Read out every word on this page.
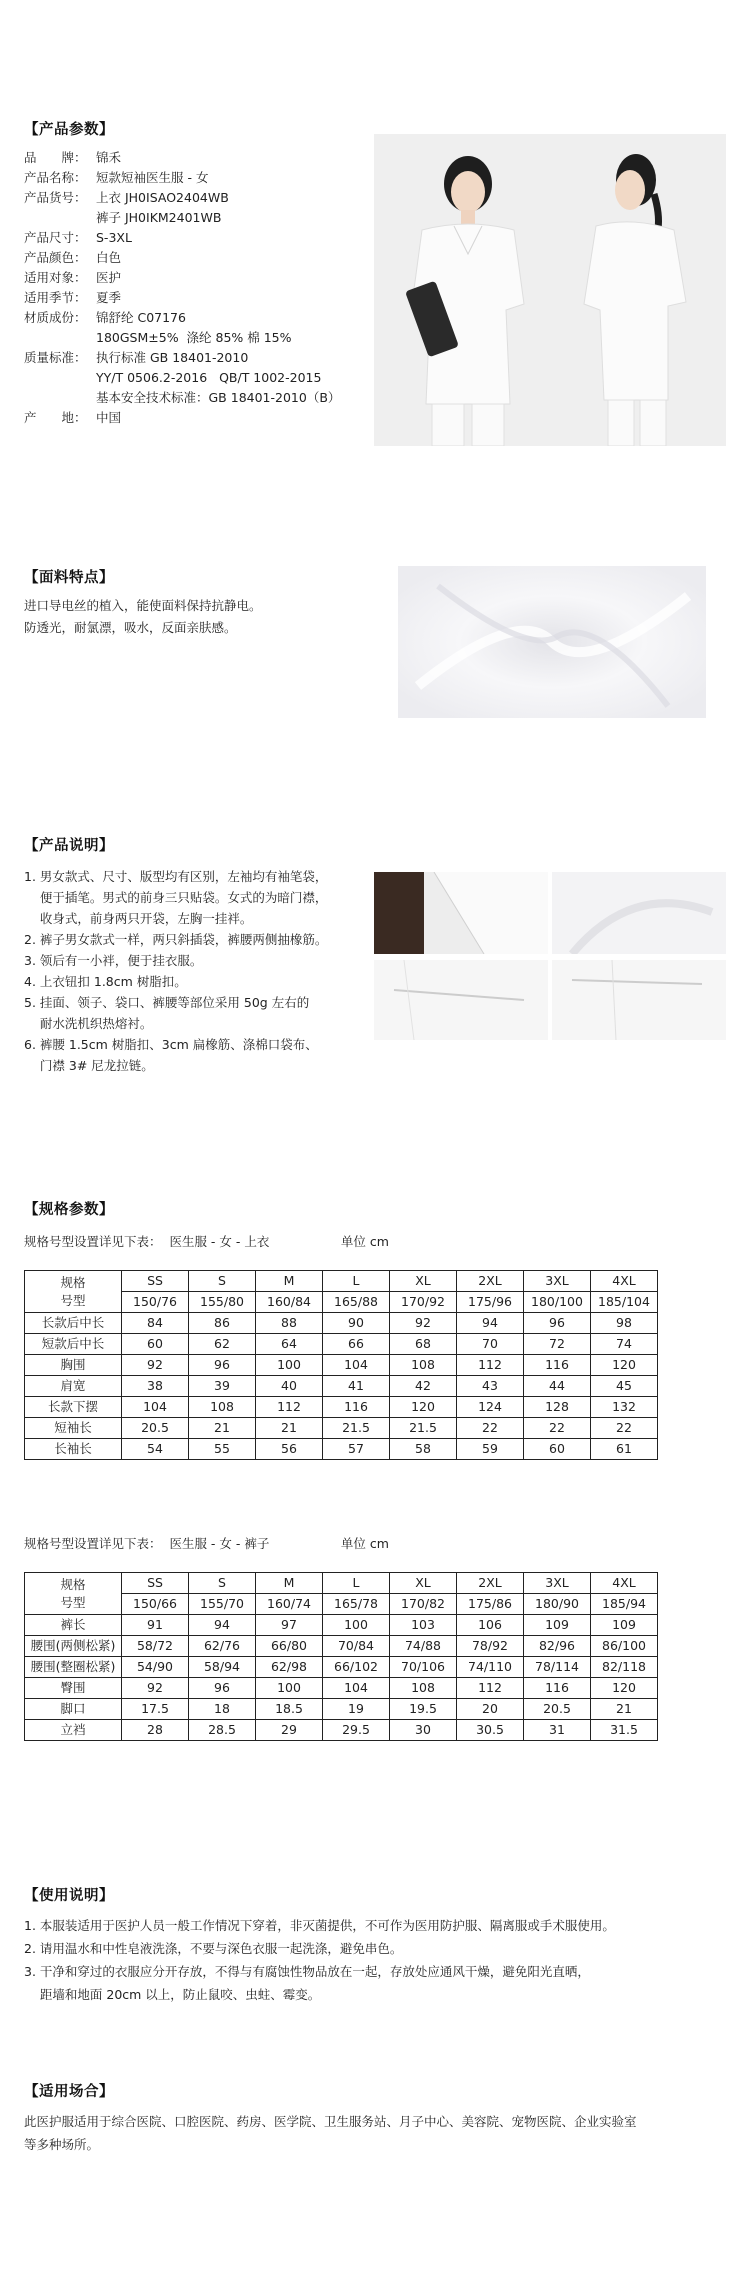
【产品参数】
品　　牌： 锦禾
产品名称： 短款短袖医生服 - 女
产品货号： 上衣 JH0ISAO2404WB
裤子 JH0IKM2401WB
产品尺寸： S-3XL
产品颜色： 白色
适用对象： 医护
适用季节： 夏季
材质成份： 锦舒纶 C07176
180GSM±5%  涤纶 85% 棉 15%
质量标准： 执行标准 GB 18401-2010
YY/T 0506.2-2016   QB/T 1002-2015
基本安全技术标准：GB 18401-2010（B）
产　　地： 中国
【面料特点】
进口导电丝的植入，能使面料保持抗静电。
防透光，耐氯漂，吸水，反面亲肤感。
【产品说明】
1. 男女款式、尺寸、版型均有区别，左袖均有袖笔袋，
便于插笔。男式的前身三只贴袋。女式的为暗门襟，
收身式，前身两只开袋，左胸一挂袢。
2. 裤子男女款式一样，两只斜插袋，裤腰两侧抽橡筋。
3. 领后有一小袢，便于挂衣服。
4. 上衣钮扣 1.8cm 树脂扣。
5. 挂面、领子、袋口、裤腰等部位采用 50g 左右的
耐水洗机织热熔衬。
6. 裤腰 1.5cm 树脂扣、3cm 扁橡筋、涤棉口袋布、
门襟 3# 尼龙拉链。
【规格参数】
规格号型设置详见下表：  医生服 - 女 - 上衣                  单位 cm
规格
号型	SS	S	M	L	XL	2XL	3XL	4XL
	150/76	155/80	160/84	165/88	170/92	175/96	180/100	185/104
长款后中长	84	86	88	90	92	94	96	98
短款后中长	60	62	64	66	68	70	72	74
胸围	92	96	100	104	108	112	116	120
肩宽	38	39	40	41	42	43	44	45
长款下摆	104	108	112	116	120	124	128	132
短袖长	20.5	21	21	21.5	21.5	22	22	22
长袖长	54	55	56	57	58	59	60	61
规格号型设置详见下表：  医生服 - 女 - 裤子                  单位 cm
规格
号型	SS	S	M	L	XL	2XL	3XL	4XL
	150/66	155/70	160/74	165/78	170/82	175/86	180/90	185/94
裤长	91	94	97	100	103	106	109	109
腰围(两侧松紧)	58/72	62/76	66/80	70/84	74/88	78/92	82/96	86/100
腰围(整圈松紧)	54/90	58/94	62/98	66/102	70/106	74/110	78/114	82/118
臀围	92	96	100	104	108	112	116	120
脚口	17.5	18	18.5	19	19.5	20	20.5	21
立裆	28	28.5	29	29.5	30	30.5	31	31.5
【使用说明】
1. 本服装适用于医护人员一般工作情况下穿着，非灭菌提供，不可作为医用防护服、隔离服或手术服使用。
2. 请用温水和中性皂液洗涤，不要与深色衣服一起洗涤，避免串色。
3. 干净和穿过的衣服应分开存放，不得与有腐蚀性物品放在一起，存放处应通风干燥，避免阳光直晒，
距墙和地面 20cm 以上，防止鼠咬、虫蛀、霉变。
【适用场合】
此医护服适用于综合医院、口腔医院、药房、医学院、卫生服务站、月子中心、美容院、宠物医院、企业实验室
等多种场所。
